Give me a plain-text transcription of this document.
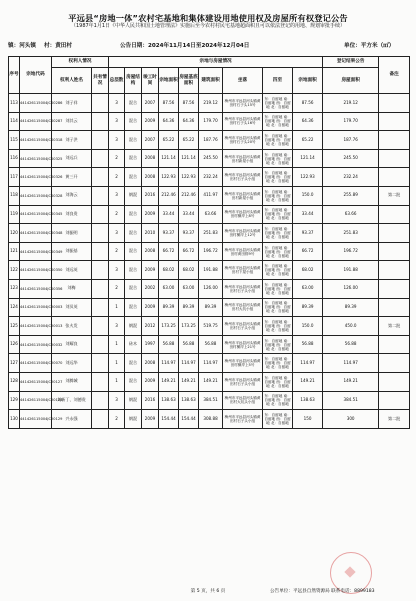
平远县“房地一体”农村宅基地和集体建设用地使用权及房屋所有权登记公告
（1987年1月1日《中华人民共和国土地管理法》实施后至今农村村民宅基地超面积且可以依法登记的用地、规划审批手续）
镇：河头镇 村：黄田村	公告日期：2024年11月14日至2024年12月04日	单位：平方米（㎡）
序号	宗地代码	权利人情况		宗地与房屋情况									登记结果公告	备注
		权利人姓名	共有情况	总层数	房屋结构	竣工时间	宗地面积	房屋基底面积	建筑面积	坐落	四至	宗地面积	房屋面积	
113	441426115004JC00286	刘子祥		3	混合	2007	87.56	87.56	219.12	梅州市平远县河头镇黄田村石子头15号	东：自留地 南：自留地 西：自留地 北：自留地	87.56	219.12	
114	441426115004JC00287	刘其云		3	混合	2009	64.36	64.36	179.70	梅州市平远县河头镇黄田村石子头16号	东：自留地 南：自留地 西：自留地 北：自留地	64.36	179.70	
115	441426115004JC00318	刘子洪		3	混合	2007	65.22	65.22	187.76	梅州市平远县河头镇黄田村石子头20号	东：自留地 南：自留地 西：自留地 北：自留地	65.22	187.76	
116	441426115004JC00325	刘远兵		2	混合	2008	121.14	121.14	245.50	梅州市平远县河头镇黄田村新屋小组	东：自留地 南：自留地 西：自留地 北：自留地	121.14	245.50	
117	441426115004JC00326	黄三开		2	混合	2008	122.93	122.93	232.24	梅州市平远县河头镇黄田村石子头小组	东：自留地 南：自留地 西：自留地 北：自留地	122.93	232.24	
118	441426115004JC00328	刘海云		3	钢混	2016	212.46	212.46	411.97	梅州市平远县河头镇黄田村新屋小组	东：自留地 南：自留地 西：自留地 北：自留地	150.0	255.89	第二批
119	441426115004JC00345	刘良贵		2	混合	2009	33.44	33.44	63.66	梅州市平远县河头镇黄田村横岸上8号	东：自留地 南：自留地 西：自留地 北：自留地	33.44	63.66	
120	441426115004JC00348	刘振明		3	混合	2010	93.37	93.37	251.83	梅州市平远县河头镇黄田村横岸上12号	东：自留地 南：自留地 西：自留地 北：自留地	93.37	251.83	
121	441426115004JC00349	刘振基		2	混合	2008	66.72	66.72	196.72	梅州市平远县河头镇黄田村黄田排9号	东：自留地 南：自留地 西：自留地 北：自留地	66.72	196.72	
122	441426115004JC00350	刘远英		3	混合	2009	68.02	68.02	191.88	梅州市平远县河头镇黄田村下屋小组	东：自留地 南：自留地 西：自留地 北：自留地	68.02	191.88	
123	441426115004JC00356	刘梅		2	混合	2002	63.00	63.00	126.00	梅州市平远县河头镇黄田村石子头小组	东：自留地 南：自留地 西：自留地 北：自留地	63.00	126.00	
124	441426115004JC20003	刘贝英		1	混合	2009	89.39	89.39	89.39	梅州市平远县河头镇黄田村大坑小组	东：自留地 南：自留地 西：自留地 北：自留地	89.39	89.39	
125	441426115004JC20013	张火发		3	钢混	2012	173.25	173.25	519.75	梅州市平远县河头镇黄田村石子头小组	东：自留地 南：自留地 西：自留地 北：自留地	150.0	450.0	第二批
126	441426115004JC20032	刘耀良		1	砖木	1997	56.88	56.88	56.88	梅州市平远县河头镇黄田村横岸上21号	东：自留地 南：自留地 西：自留地 北：自留地	56.88	56.88	
127	441426115004JC20070	刘远华		1	混合	2008	114.97	114.97	114.97	梅州市平远县河头镇黄田村横岸上5号	东：自留地 南：自留地 西：自留地 北：自留地	114.97	114.97	
128	441426115004JC20127	刘腾城		1	混合	2009	149.21	149.21	149.21	梅州市平远县河头镇黄田村石子头小组	东：自留地 南：自留地 西：自留地 北：自留地	149.21	149.21	
129	441426115004JC20128	刘新丁、刘德贵		3	钢混	2016	138.63	138.63	384.51	梅州市平远县河头镇黄田村大坑头小组	东：自留地 南：自留地 西：自留地 北：自留地	138.63	384.51	
130	441426115004JC20129	兴永强		2	钢混	2009	154.44	154.44	308.88	梅州市平远县河头镇黄田村石子头小组	东：自留地 南：自留地 西：自留地 北：自留地	150	300	第二批
第 5 页，共 6 页	公告单位：平远县自然资源局 联系电话：8899183
